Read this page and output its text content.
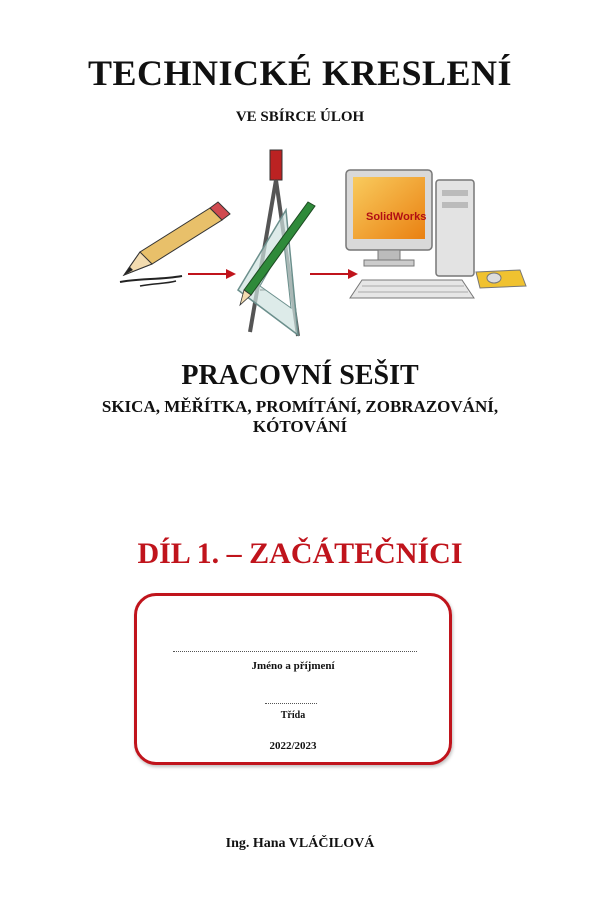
TECHNICKÉ KRESLENÍ
VE SBÍRCE ÚLOH
SolidWorks
PRACOVNÍ SEŠIT
SKICA, MĚŘÍTKA, PROMÍTÁNÍ, ZOBRAZOVÁNÍ,
KÓTOVÁNÍ
DÍL 1. – ZAČÁTEČNÍCI
Jméno a příjmení
Třída
2022/2023
Ing. Hana VLÁČILOVÁ
